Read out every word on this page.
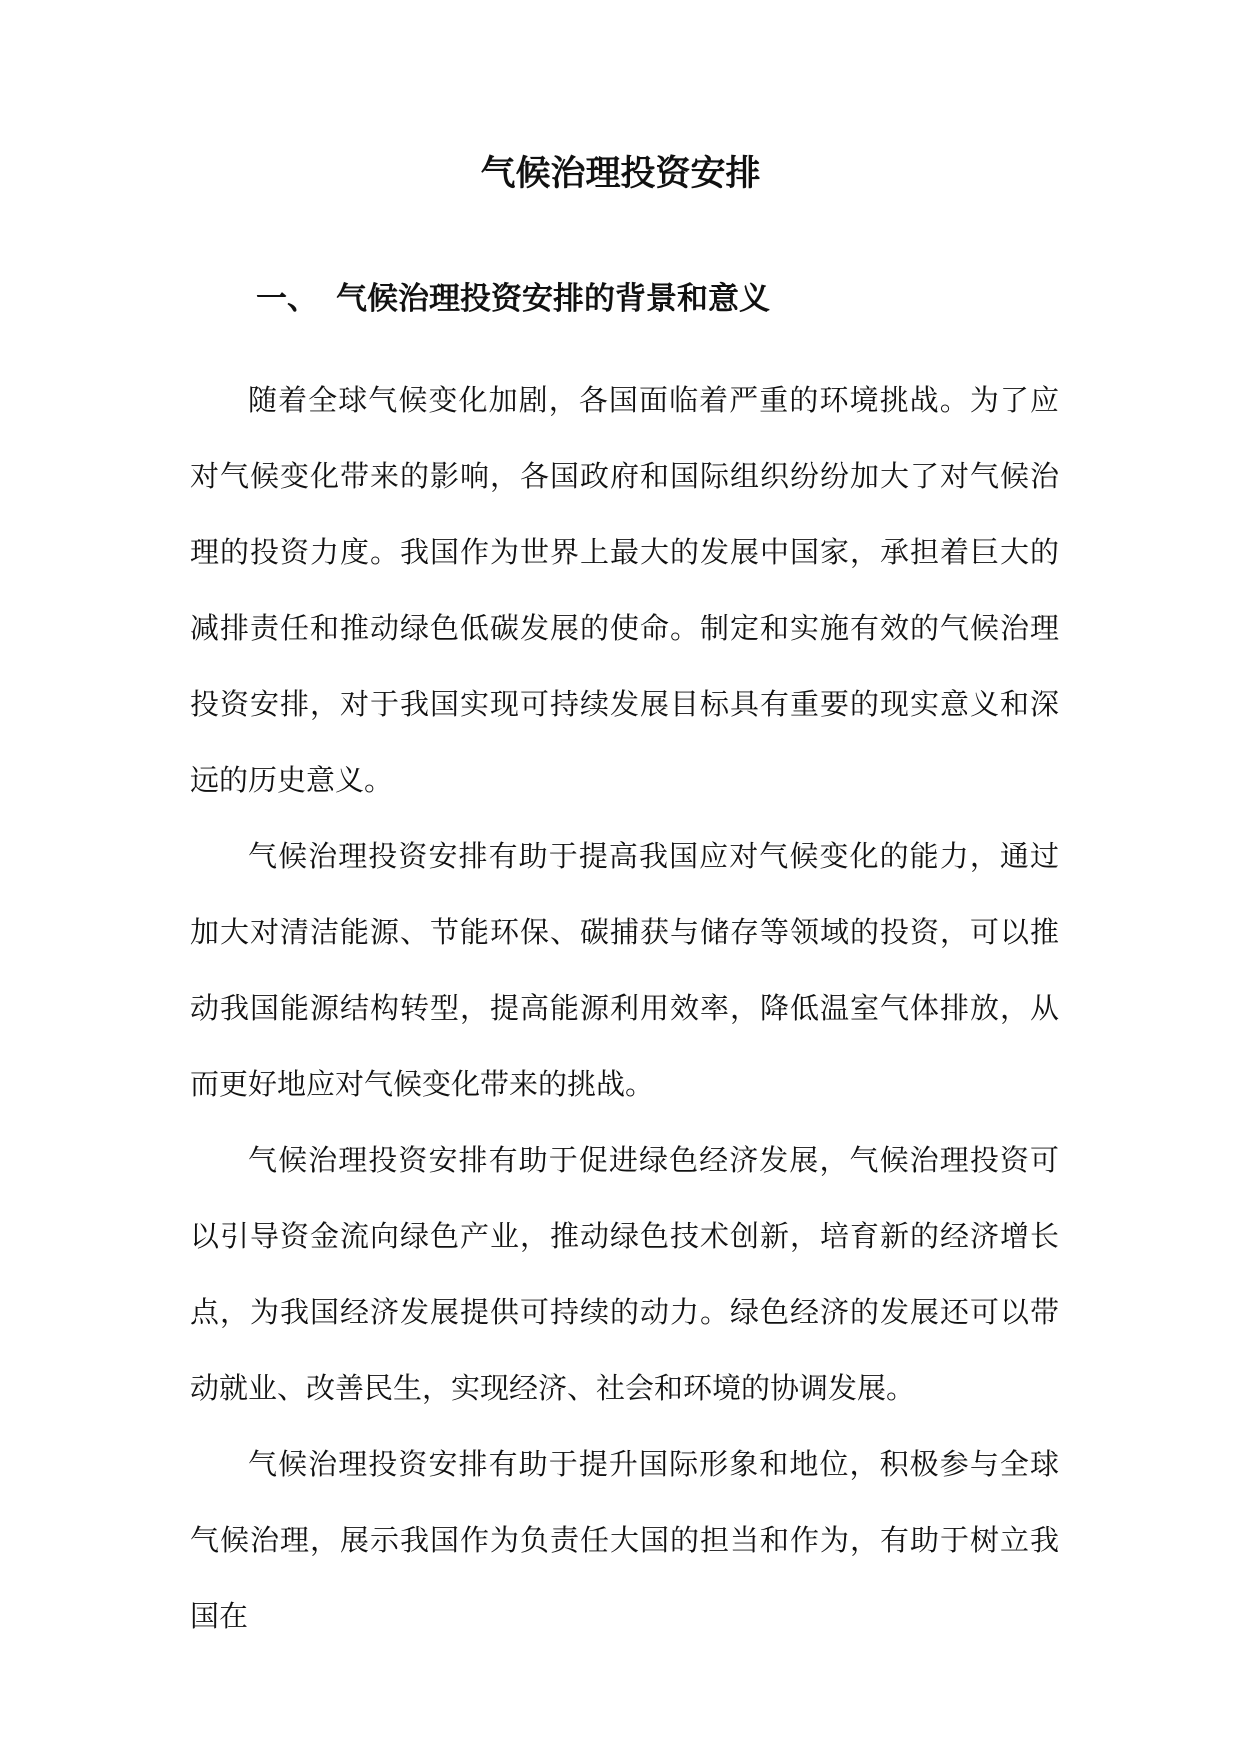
气候治理投资安排
一、 气候治理投资安排的背景和意义

随着全球气候变化加剧，各国面临着严重的环境挑战。为了应对气候变化带来的影响，各国政府和国际组织纷纷加大了对气候治理的投资力度。我国作为世界上最大的发展中国家，承担着巨大的减排责任和推动绿色低碳发展的使命。制定和实施有效的气候治理投资安排，对于我国实现可持续发展目标具有重要的现实意义和深远的历史意义。

气候治理投资安排有助于提高我国应对气候变化的能力，通过加大对清洁能源、节能环保、碳捕获与储存等领域的投资，可以推动我国能源结构转型，提高能源利用效率，降低温室气体排放，从而更好地应对气候变化带来的挑战。

气候治理投资安排有助于促进绿色经济发展，气候治理投资可以引导资金流向绿色产业，推动绿色技术创新，培育新的经济增长点，为我国经济发展提供可持续的动力。绿色经济的发展还可以带动就业、改善民生，实现经济、社会和环境的协调发展。

气候治理投资安排有助于提升国际形象和地位，积极参与全球气候治理，展示我国作为负责任大国的担当和作为，有助于树立我国在
